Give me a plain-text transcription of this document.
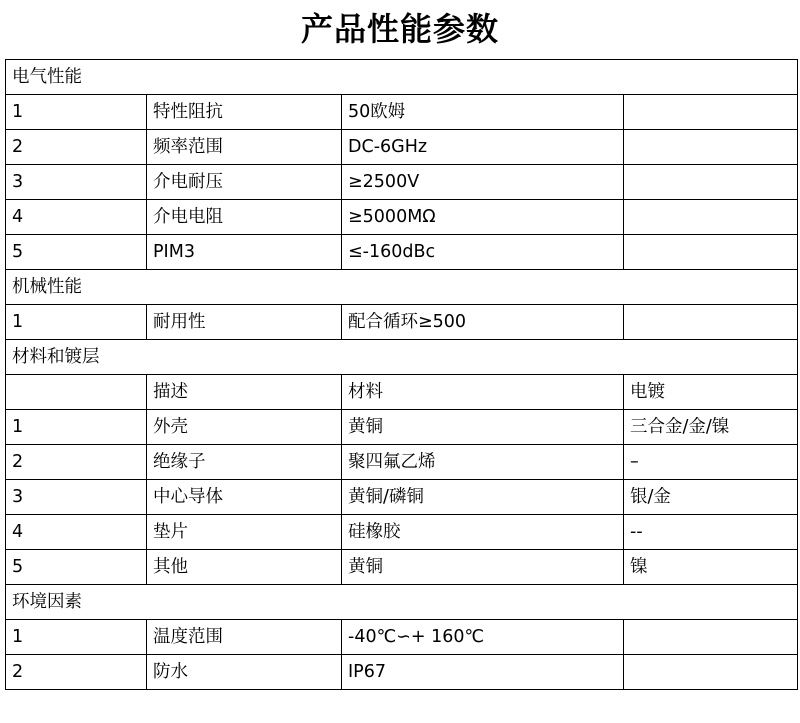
产品性能参数
电气性能			
1	特性阻抗	50欧姆	
2	频率范围	DC-6GHz	
3	介电耐压	≥2500V	
4	介电电阻	≥5000MΩ	
5	PIM3	≤-160dBc	
机械性能			
1	耐用性	配合循环≥500	
材料和镀层			
	描述	材料	电镀
1	外壳	黄铜	三合金/金/镍
2	绝缘子	聚四氟乙烯	–
3	中心导体	黄铜/磷铜	银/金
4	垫片	硅橡胶	--
5	其他	黄铜	镍
环境因素			
1	温度范围	-40℃∽+ 160℃	
2	防水	IP67	
